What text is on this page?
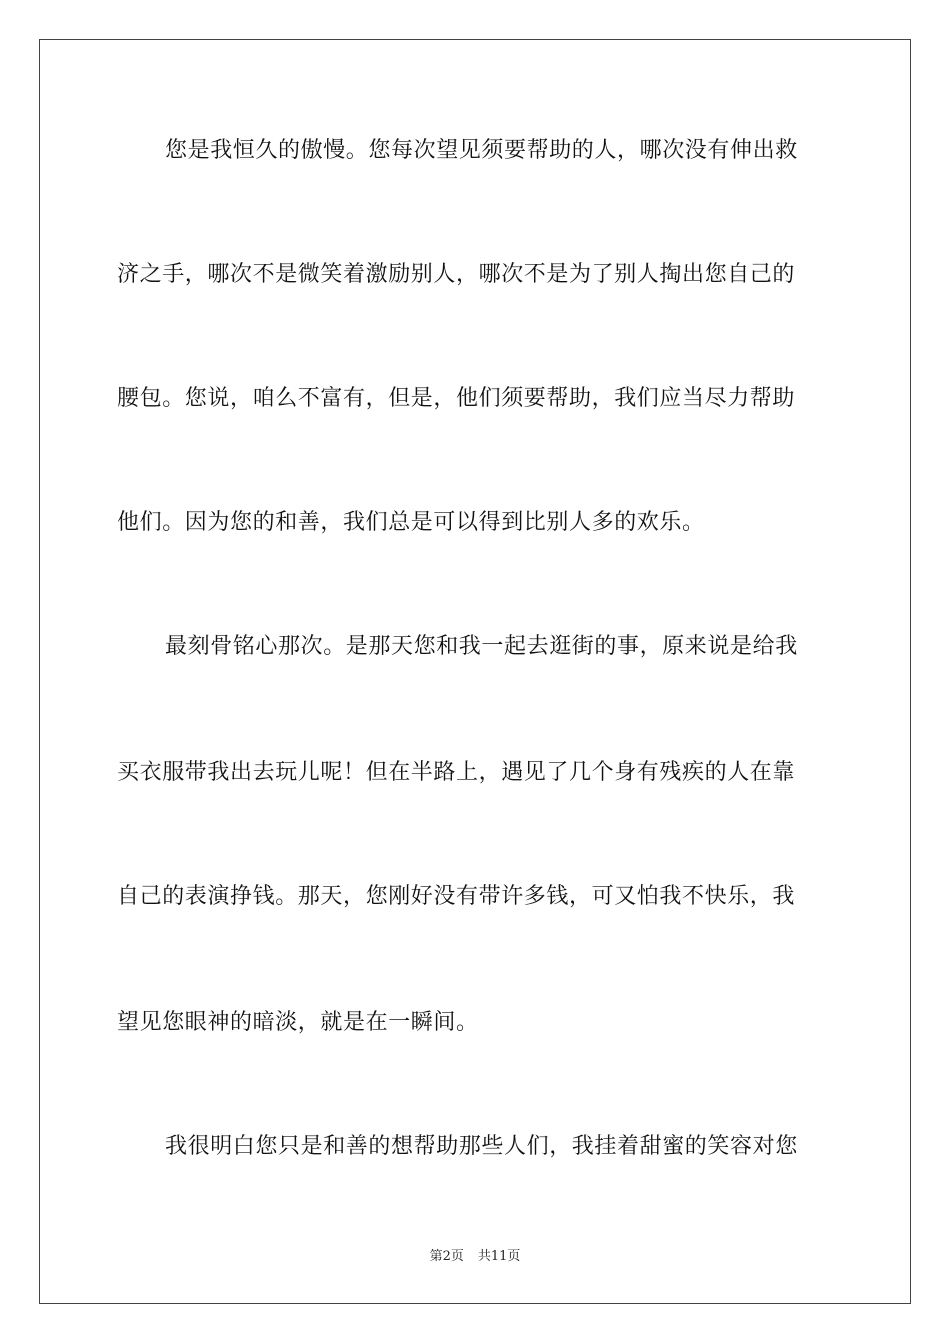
您是我恒久的傲慢。您每次望见须要帮助的人，哪次没有伸出救
济之手，哪次不是微笑着激励别人，哪次不是为了别人掏出您自己的
腰包。您说，咱么不富有，但是，他们须要帮助，我们应当尽力帮助
他们。因为您的和善，我们总是可以得到比别人多的欢乐。
最刻骨铭心那次。是那天您和我一起去逛街的事，原来说是给我
买衣服带我出去玩儿呢！但在半路上，遇见了几个身有残疾的人在靠
自己的表演挣钱。那天，您刚好没有带许多钱，可又怕我不快乐，我
望见您眼神的暗淡，就是在一瞬间。
我很明白您只是和善的想帮助那些人们，我挂着甜蜜的笑容对您
第2页 共11页
